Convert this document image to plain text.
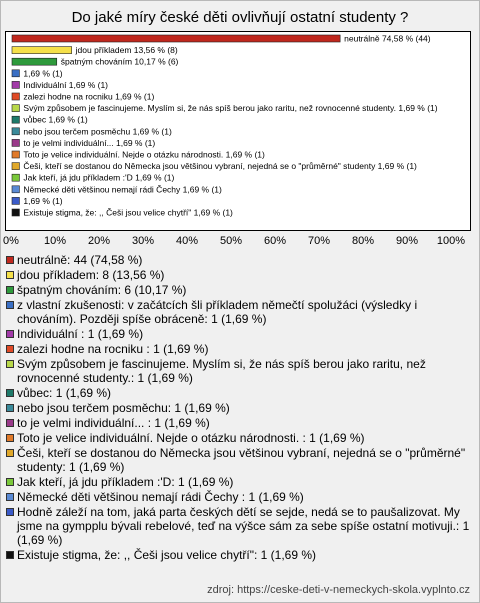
Do jaké míry české děti ovlivňují ostatní studenty ?
neutrálně 74,58 % (44)
jdou příkladem 13,56 % (8)
špatným chováním 10,17 % (6)
1,69 % (1)
Individuální 1,69 % (1)
zalezi hodne na rocniku 1,69 % (1)
Svým způsobem je fascinujeme. Myslím si, že nás spíš berou jako raritu, než rovnocenné studenty. 1,69 % (1)
vůbec 1,69 % (1)
nebo jsou terčem posměchu 1,69 % (1)
to je velmi individuální... 1,69 % (1)
Toto je velice individuální. Nejde o otázku národnosti. 1,69 % (1)
Češi, kteří se dostanou do Německa jsou většinou vybraní, nejedná se o "průměrné" studenty 1,69 % (1)
Jak kteří, já jdu příkladem :'D 1,69 % (1)
Německé děti většinou nemají rádi Čechy 1,69 % (1)
1,69 % (1)
Existuje stigma, že: ,, Češi jsou velice chytří" 1,69 % (1)
0% 10% 20% 30% 40% 50% 60% 70% 80% 90% 100%
neutrálně: 44 (74,58 %)
jdou příkladem: 8 (13,56 %)
špatným chováním: 6 (10,17 %)
z vlastní zkušenosti: v začátcích šli příkladem němečtí spolužáci (výsledky i chováním). Později spíše obráceně: 1 (1,69 %)
Individuální : 1 (1,69 %)
zalezi hodne na rocniku : 1 (1,69 %)
Svým způsobem je fascinujeme. Myslím si, že nás spíš berou jako raritu, než rovnocenné studenty.: 1 (1,69 %)
vůbec: 1 (1,69 %)
nebo jsou terčem posměchu: 1 (1,69 %)
to je velmi individuální... : 1 (1,69 %)
Toto je velice individuální. Nejde o otázku národnosti. : 1 (1,69 %)
Češi, kteří se dostanou do Německa jsou většinou vybraní, nejedná se o "průměrné" studenty: 1 (1,69 %)
Jak kteří, já jdu příkladem :'D: 1 (1,69 %)
Německé děti většinou nemají rádi Čechy : 1 (1,69 %)
Hodně záleží na tom, jaká parta českých dětí se sejde, nedá se to paušalizovat. My jsme na gympplu bývali rebelové, teď na výšce sám za sebe spíše ostatní motivuji.: 1 (1,69 %)
Existuje stigma, že: ,, Češi jsou velice chytří": 1 (1,69 %)
zdroj: https://ceske-deti-v-nemeckych-skola.vyplnto.cz
